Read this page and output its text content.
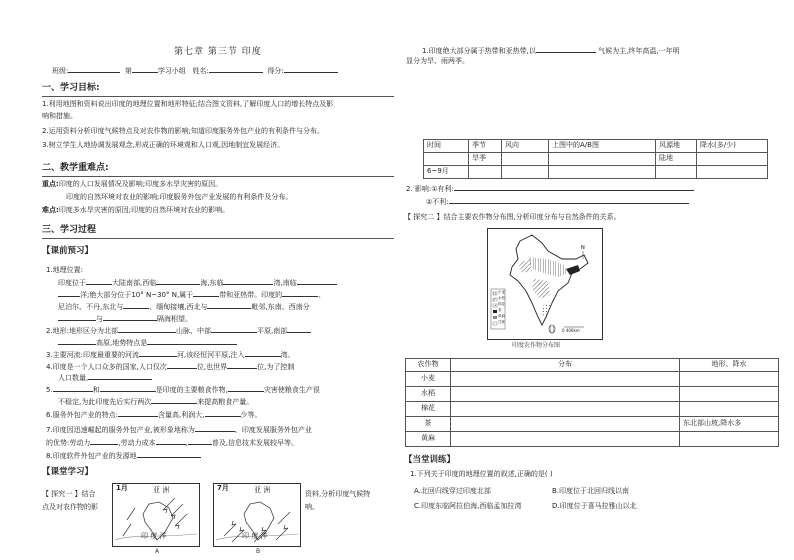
第七章 第三节 印度
班级:	第	学习小组 姓名:	得分:
一、学习目标:
1.利用地图和资料说出印度的地理位置和地形特征;结合图文资料,了解印度人口的增长特点及影
响和措施。
2.运用资料分析印度气候特点及对农作物的影响;知道印度服务外包产业的有利条件与分布。
3.树立学生人地协调发展观念,形成正确的环境观和人口观,因地制宜发展经济。
二、教学重难点:
重点:印度的人口发展情况及影响;印度多水旱灾害的原因。
印度的自然环境对农业的影响;印度服务外包产业发展的有利条件及分布。
难点:印度多水旱灾害的原因;印度的自然环境对农业的影响。
三、学习过程
【课前预习】
1.地理位置:
印度位于	大陆南部,西临	海,东临	湾,南临
洋;绝大部分位于10° N~30° N,属于	带和亚热带。印度的	、
尼泊尔、不丹,东北与	、缅甸接壤,西北与	毗邻,东南、西南分
与	隔海相望。
2.地形:地形区分为北部	山脉、中部	平原,南部
高原,地势特点是
3.主要河流:印度最重要的河流	河,该经恒河平原,注入	湾。
4.印度是一个人口众多的国家,人口仅次	位,也世界	位,为了控制
人口数量,
5.	和	是印度的主要粮食作物,	灾害使粮食生产很
不稳定,为此印度先后实行两次	来提高粮食产量。
6.服务外包产业的特点:	含量高,利润大,	少等。
7.印度因迅速崛起的服务外包产业,被形象地称为	。印度发展服务外包产业
的优势:劳动力	,劳动力成本	,	普及,信息技术发展较早等。
8.印度软件外包产业的发源地
【课堂学习】
【 探究一 】结合
点及对农作物的影
资料,分析印度气候特
响。
1月	亚 洲
印 度 洋
A
7月	亚 洲
印 度 洋
B
1.印度绝大部分属于热带和亚热带,以	气候为主,终年高温,一年明
显分为旱、雨两季。
时间	季节	风向	上图中的A/B图	风源地	降水(多/少)
	旱季			陆地	
6~9月					
2. 影响:①有利:
②不利:
【 探究二 】结合主要农作物分布图,分析印度分布与自然条件的关系。
N
小麦
水稻
棉花
茶
黄麻
甘蔗
0 400km
印度农作物分布图
农作物	分布	地形、降水
小麦		
水稻		
棉花		
茶		东北部山坡,降水多
黄麻		
【当堂训练】
1.下列关于印度的地理位置的叙述,正确的是( )
A.北回归线穿过印度北部	B.印度位于北回归线以南
C.印度东临阿拉伯海,西临孟加拉湾	D.印度位于喜马拉雅山以北
